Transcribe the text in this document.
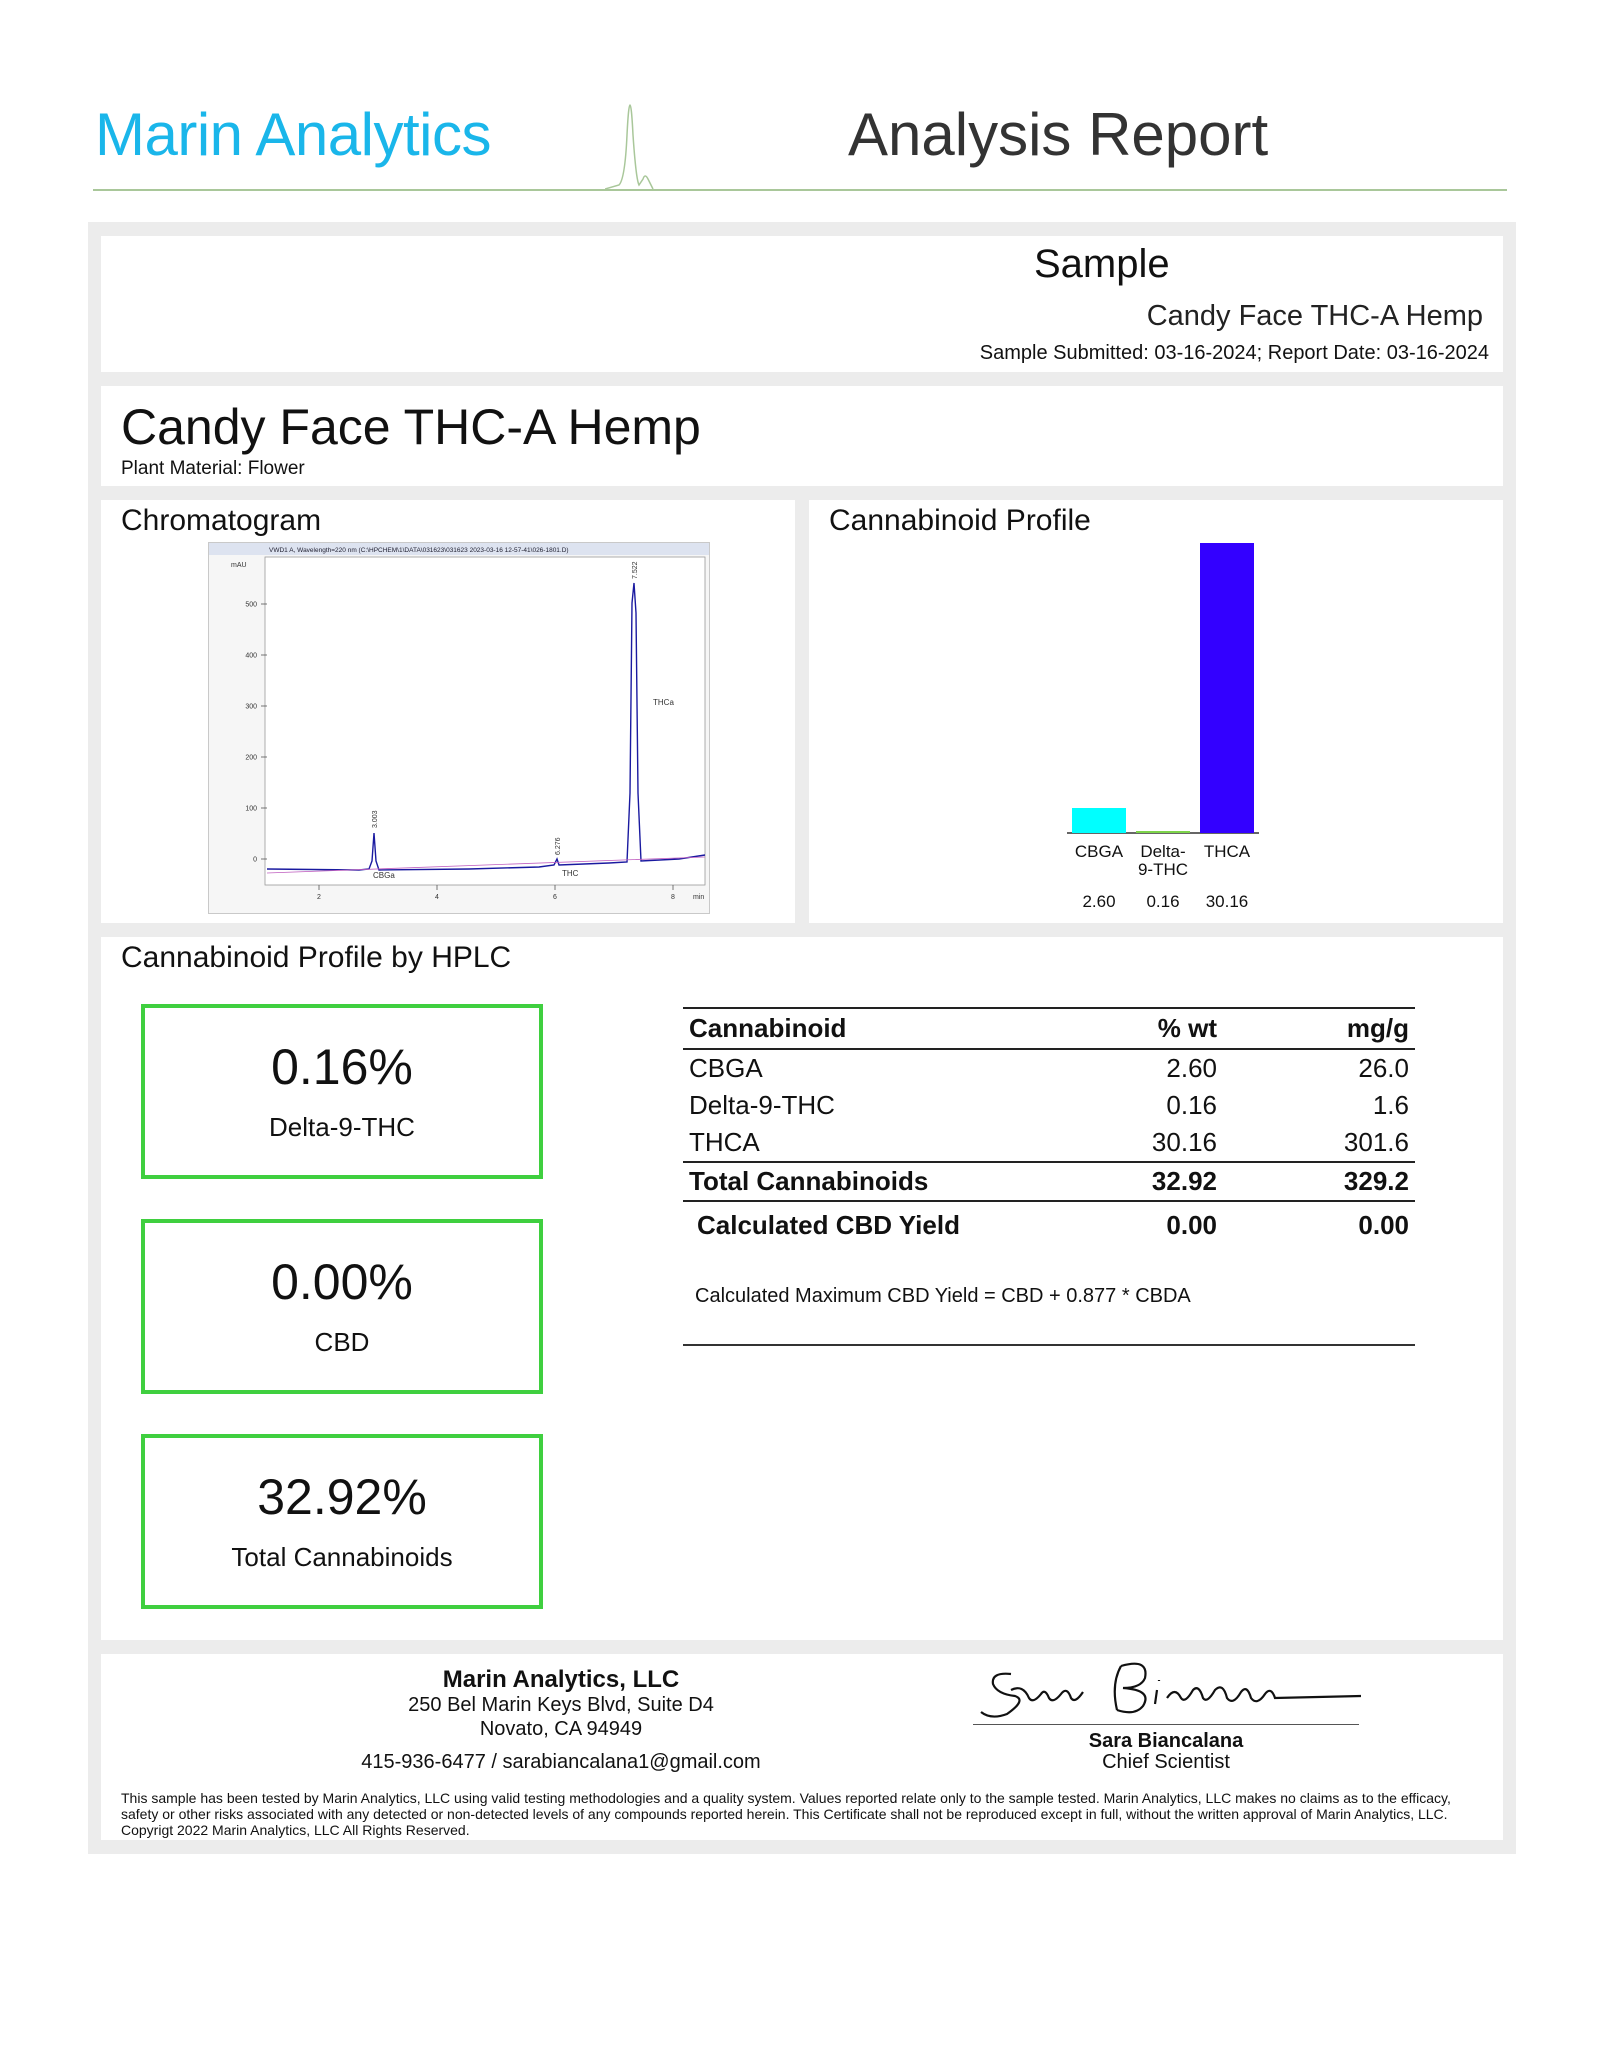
Marin Analytics	Analysis Report
Sample
Candy Face THC-A Hemp
Sample Submitted: 03-16-2024; Report Date: 03-16-2024
Candy Face THC-A Hemp
Plant Material: Flower
Chromatogram
VWD1 A, Wavelength=220 nm (C:\HPCHEM\1\DATA\031623\031623 2023-03-16 12-57-41\026-1801.D)
mAU
min
0
100
200
300
400
500
2	4	6	8
3.003
CBGa
6.276
THC
7.522
THCa
Cannabinoid Profile
CBGA
2.60
Delta-
9-THC
0.16
THCA
30.16
Cannabinoid Profile by HPLC
0.16%
Delta-9-THC
0.00%
CBD
32.92%
Total Cannabinoids
Cannabinoid	% wt	mg/g
CBGA	2.60	26.0
Delta-9-THC	0.16	1.6
THCA	30.16	301.6
Total Cannabinoids	32.92	329.2
Calculated CBD Yield	0.00	0.00
Calculated Maximum CBD Yield = CBD + 0.877 * CBDA
Marin Analytics, LLC
250 Bel Marin Keys Blvd, Suite D4
Novato, CA 94949
415-936-6477 / sarabiancalana1@gmail.com
Sara Biancalana
Chief Scientist
This sample has been tested by Marin Analytics, LLC using valid testing methodologies and a quality system. Values reported relate only to the sample tested. Marin Analytics, LLC makes no claims as to the efficacy, safety or other risks associated with any detected or non-detected levels of any compounds reported herein. This Certificate shall not be reproduced except in full, without the written approval of Marin Analytics, LLC. Copyrigt 2022 Marin Analytics, LLC All Rights Reserved.
